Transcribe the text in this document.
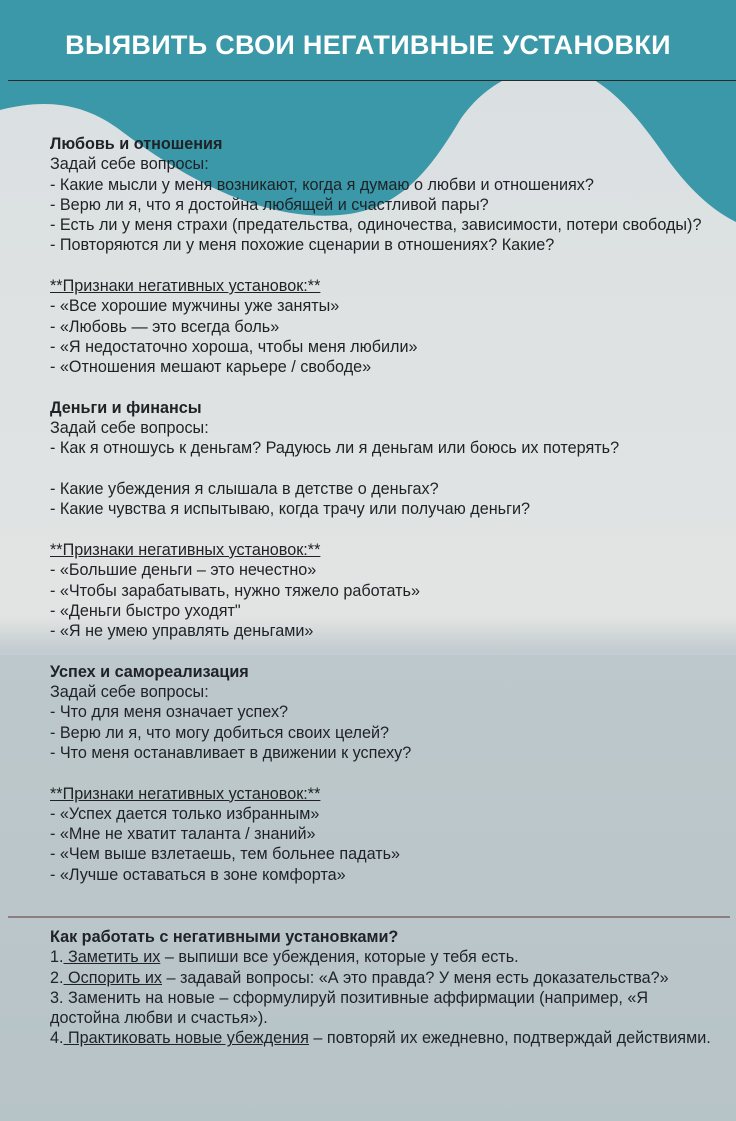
ВЫЯВИТЬ СВОИ НЕГАТИВНЫЕ УСТАНОВКИ

Любовь и отношения

Задай себе вопросы:

- Какие мысли у меня возникают, когда я думаю о любви и отношениях?

- Верю ли я, что я достойна любящей и счастливой пары?

- Есть ли у меня страхи (предательства, одиночества, зависимости, потери свободы)?

- Повторяются ли у меня похожие сценарии в отношениях? Какие?

**Признаки негативных установок:**

- «Все хорошие мужчины уже заняты»

- «Любовь — это всегда боль»

- «Я недостаточно хороша, чтобы меня любили»

- «Отношения мешают карьере / свободе»

Деньги и финансы

Задай себе вопросы:

- Как я отношусь к деньгам? Радуюсь ли я деньгам или боюсь их потерять?

- Какие убеждения я слышала в детстве о деньгах?

- Какие чувства я испытываю, когда трачу или получаю деньги?

**Признаки негативных установок:**

- «Большие деньги – это нечестно»

- «Чтобы зарабатывать, нужно тяжело работать»

- «Деньги быстро уходят"

- «Я не умею управлять деньгами»

Успех и самореализация

Задай себе вопросы:

- Что для меня означает успех?

- Верю ли я, что могу добиться своих целей?

- Что меня останавливает в движении к успеху?

**Признаки негативных установок:**

- «Успех дается только избранным»

- «Мне не хватит таланта / знаний»

- «Чем выше взлетаешь, тем больнее падать»

- «Лучше оставаться в зоне комфорта»

Как работать с негативными установками?

1. Заметить их – выпиши все убеждения, которые у тебя есть.

2. Оспорить их – задавай вопросы: «А это правда? У меня есть доказательства?»

3. Заменить на новые – сформулируй позитивные аффирмации (например, «Я достойна любви и счастья»).

4. Практиковать новые убеждения – повторяй их ежедневно, подтверждай действиями.
